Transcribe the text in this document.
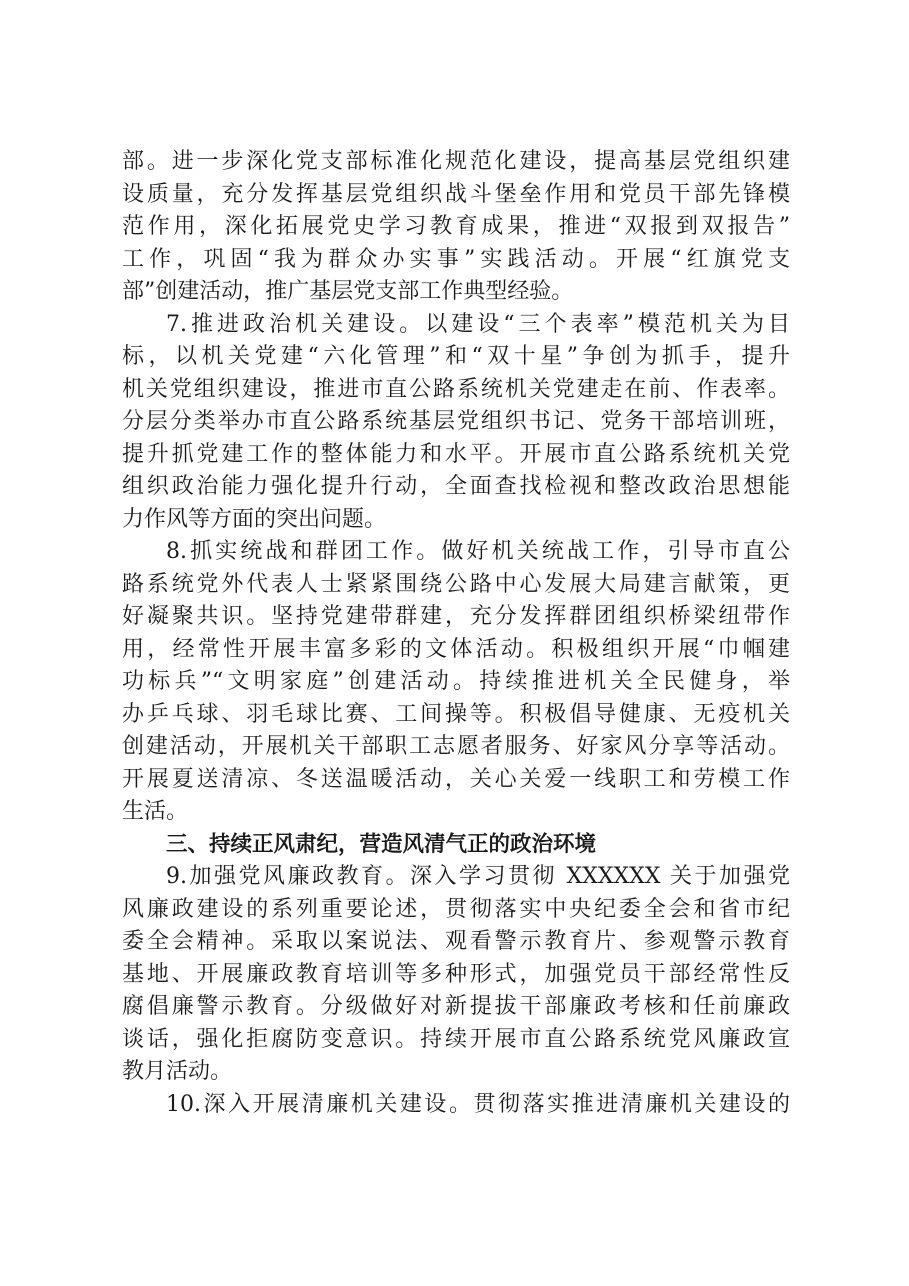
部。进一步深化党支部标准化规范化建设，提高基层党组织建
设质量，充分发挥基层党组织战斗堡垒作用和党员干部先锋模
范作用，深化拓展党史学习教育成果，推进“双报到双报告”
工作，巩固“我为群众办实事”实践活动。开展“红旗党支
部”创建活动，推广基层党支部工作典型经验。
7.推进政治机关建设。以建设“三个表率”模范机关为目
标，以机关党建“六化管理”和“双十星”争创为抓手，提升
机关党组织建设，推进市直公路系统机关党建走在前、作表率。
分层分类举办市直公路系统基层党组织书记、党务干部培训班，
提升抓党建工作的整体能力和水平。开展市直公路系统机关党
组织政治能力强化提升行动，全面查找检视和整改政治思想能
力作风等方面的突出问题。
8.抓实统战和群团工作。做好机关统战工作，引导市直公
路系统党外代表人士紧紧围绕公路中心发展大局建言献策，更
好凝聚共识。坚持党建带群建，充分发挥群团组织桥梁纽带作
用，经常性开展丰富多彩的文体活动。积极组织开展“巾帼建
功标兵”“文明家庭”创建活动。持续推进机关全民健身，举
办乒乓球、羽毛球比赛、工间操等。积极倡导健康、无疫机关
创建活动，开展机关干部职工志愿者服务、好家风分享等活动。
开展夏送清凉、冬送温暖活动，关心关爱一线职工和劳模工作
生活。
三、持续正风肃纪，营造风清气正的政治环境
9.加强党风廉政教育。深入学习贯彻 XXXXXX 关于加强党
风廉政建设的系列重要论述，贯彻落实中央纪委全会和省市纪
委全会精神。采取以案说法、观看警示教育片、参观警示教育
基地、开展廉政教育培训等多种形式，加强党员干部经常性反
腐倡廉警示教育。分级做好对新提拔干部廉政考核和任前廉政
谈话，强化拒腐防变意识。持续开展市直公路系统党风廉政宣
教月活动。
10.深入开展清廉机关建设。贯彻落实推进清廉机关建设的
